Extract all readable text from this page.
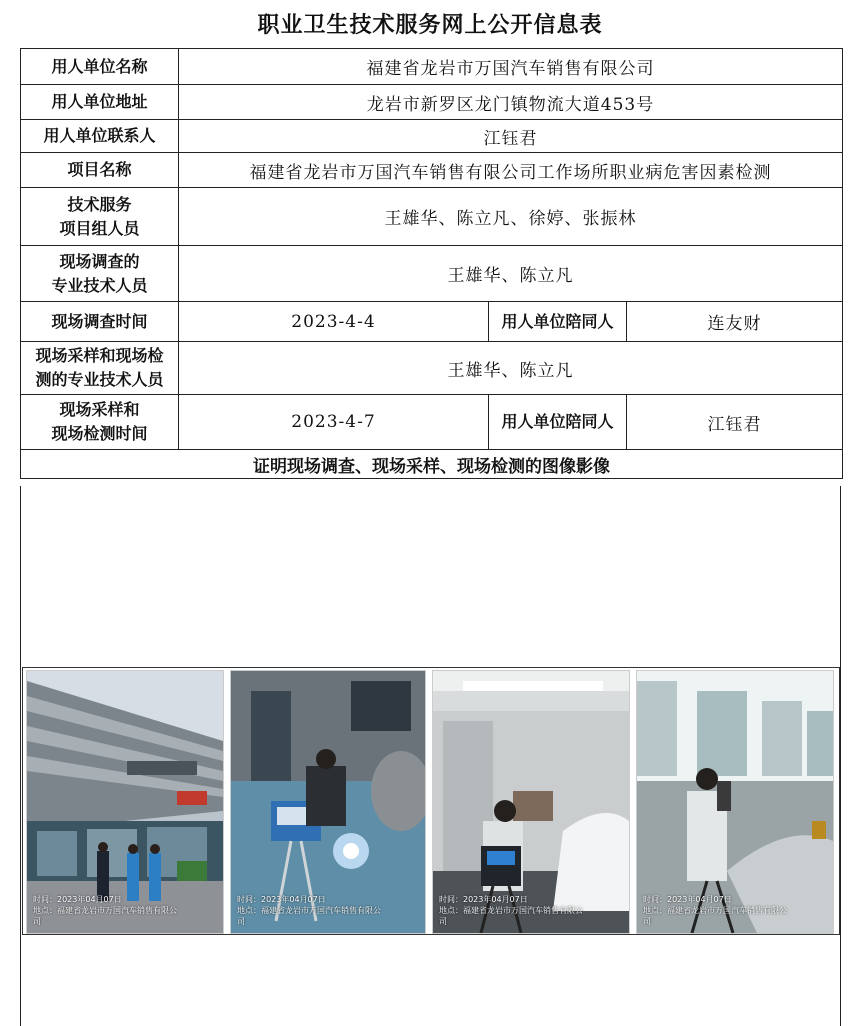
职业卫生技术服务网上公开信息表
用人单位名称	福建省龙岩市万国汽车销售有限公司		
用人单位地址	龙岩市新罗区龙门镇物流大道453号		
用人单位联系人	江钰君		
项目名称	福建省龙岩市万国汽车销售有限公司工作场所职业病危害因素检测		

技术服务
项目组人员	王雄华、陈立凡、徐婷、张振林		

现场调查的
专业技术人员	王雄华、陈立凡		
现场调查时间	2023-4-4	用人单位陪同人	连友财

现场采样和现场检
测的专业技术人员	王雄华、陈立凡		

现场采样和
现场检测时间	2023-4-7	用人单位陪同人	江钰君
证明现场调查、现场采样、现场检测的图像影像			
时间：2023年04月07日
地点：福建省龙岩市万国汽车销售有限公
司
时间：2023年04月07日
地点：福建省龙岩市万国汽车销售有限公
司
时间：2023年04月07日
地点：福建省龙岩市万国汽车销售有限公
司
时间：2023年04月07日
地点：福建省龙岩市万国汽车销售有限公
司
